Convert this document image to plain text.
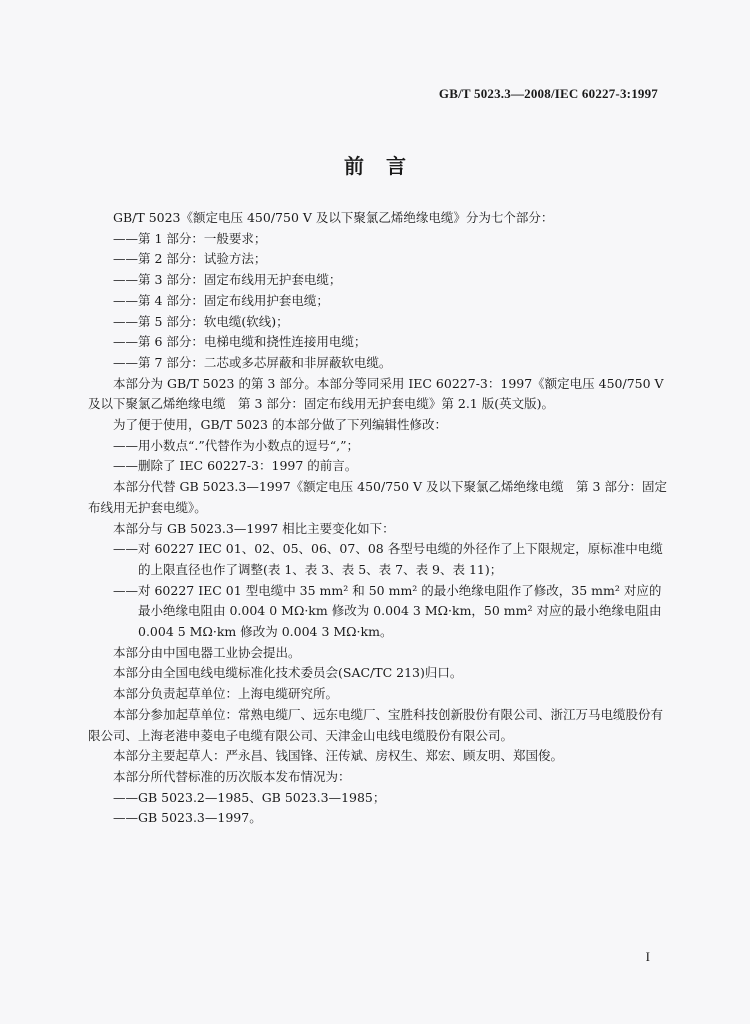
GB/T 5023.3—2008/IEC 60227-3:1997
前言

GB/T 5023《额定电压 450/750 V 及以下聚氯乙烯绝缘电缆》分为七个部分：

——第 1 部分：一般要求；

——第 2 部分：试验方法；

——第 3 部分：固定布线用无护套电缆；

——第 4 部分：固定布线用护套电缆；

——第 5 部分：软电缆(软线)；

——第 6 部分：电梯电缆和挠性连接用电缆；

——第 7 部分：二芯或多芯屏蔽和非屏蔽软电缆。

本部分为 GB/T 5023 的第 3 部分。本部分等同采用 IEC 60227-3：1997《额定电压 450/750 V 及以下聚氯乙烯绝缘电缆　第 3 部分：固定布线用无护套电缆》第 2.1 版(英文版)。

为了便于使用，GB/T 5023 的本部分做了下列编辑性修改：

——用小数点“.”代替作为小数点的逗号“,”；

——删除了 IEC 60227-3：1997 的前言。

本部分代替 GB 5023.3—1997《额定电压 450/750 V 及以下聚氯乙烯绝缘电缆　第 3 部分：固定布线用无护套电缆》。

本部分与 GB 5023.3—1997 相比主要变化如下：

——对 60227 IEC 01、02、05、06、07、08 各型号电缆的外径作了上下限规定，原标准中电缆的上限直径也作了调整(表 1、表 3、表 5、表 7、表 9、表 11)；

——对 60227 IEC 01 型电缆中 35 mm² 和 50 mm² 的最小绝缘电阻作了修改，35 mm² 对应的最小绝缘电阻由 0.004 0 MΩ·km 修改为 0.004 3 MΩ·km，50 mm² 对应的最小绝缘电阻由 0.004 5 MΩ·km 修改为 0.004 3 MΩ·km。

本部分由中国电器工业协会提出。

本部分由全国电线电缆标准化技术委员会(SAC/TC 213)归口。

本部分负责起草单位：上海电缆研究所。

本部分参加起草单位：常熟电缆厂、远东电缆厂、宝胜科技创新股份有限公司、浙江万马电缆股份有限公司、上海老港申菱电子电缆有限公司、天津金山电线电缆股份有限公司。

本部分主要起草人：严永昌、钱国锋、汪传斌、房权生、郑宏、顾友明、郑国俊。

本部分所代替标准的历次版本发布情况为：

——GB 5023.2—1985、GB 5023.3—1985；

——GB 5023.3—1997。

I
